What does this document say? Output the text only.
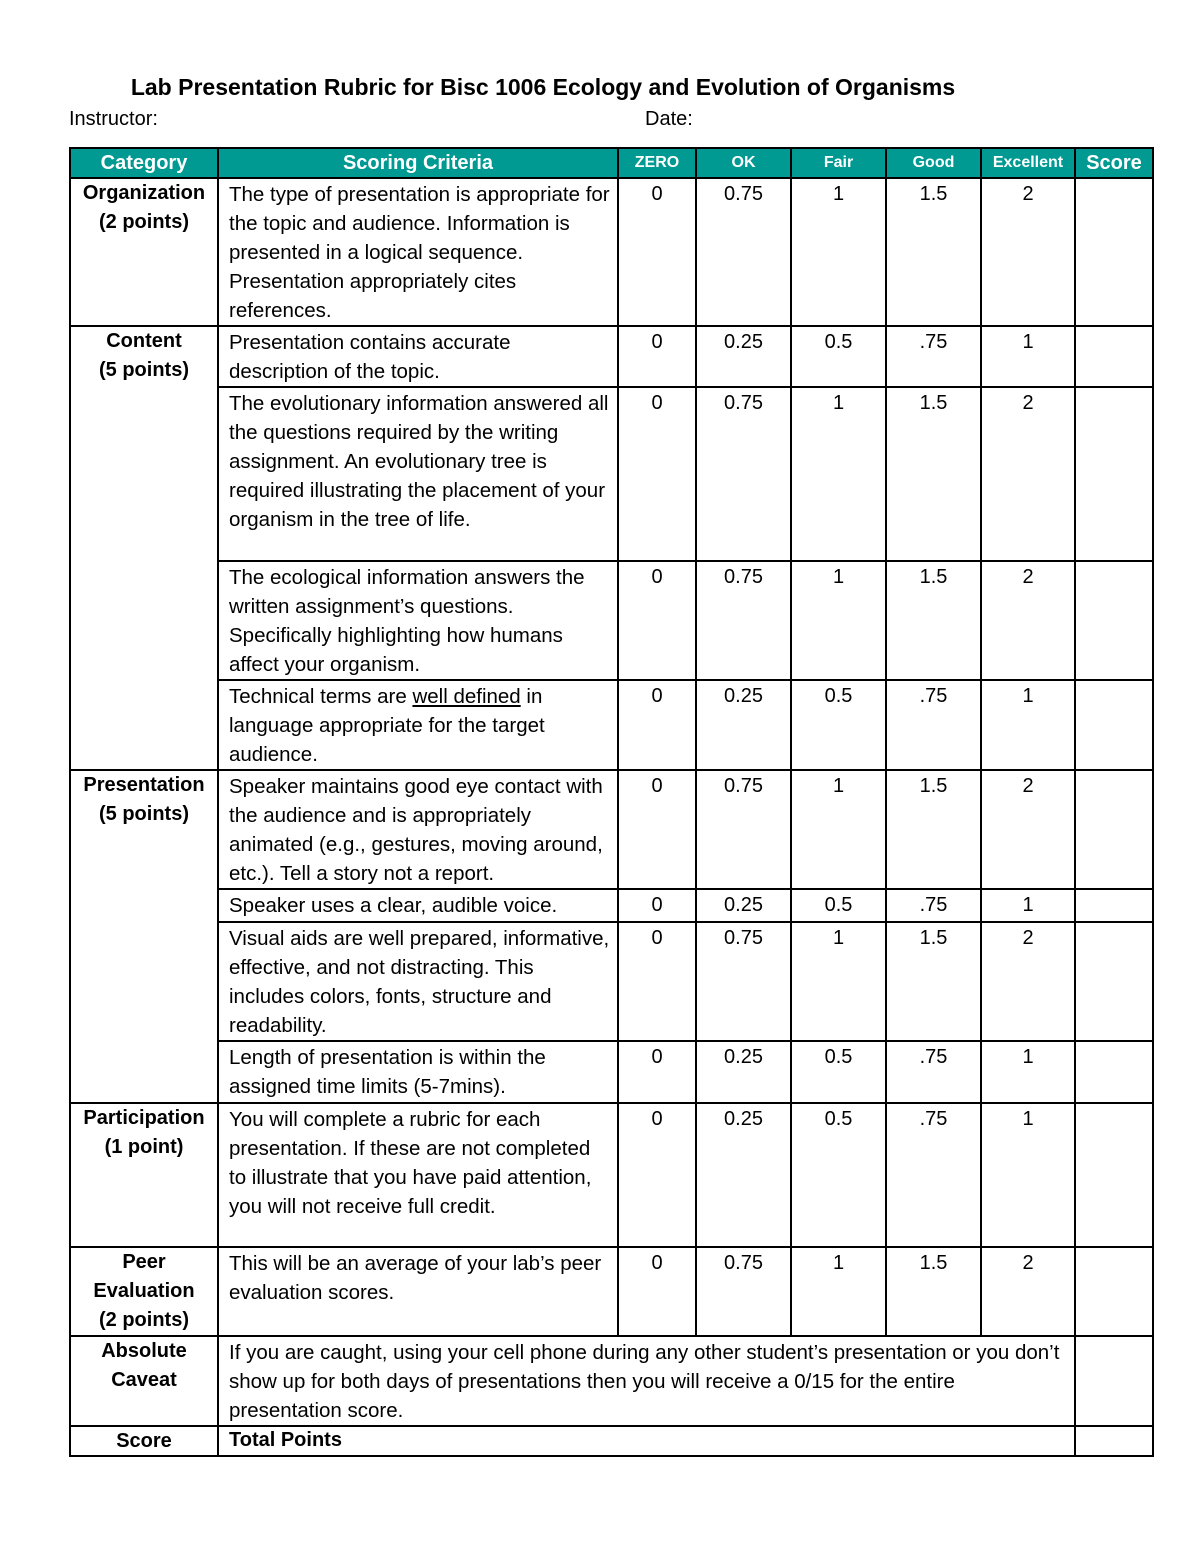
Lab Presentation Rubric for Bisc 1006 Ecology and Evolution of Organisms
Instructor:	Date:
Category	Scoring Criteria	ZERO	OK	Fair	Good	Excellent	Score

Organization
(2 points)	The type of presentation is appropriate for the topic and audience. Information is presented in a logical sequence. Presentation appropriately cites references.	0	0.75	1	1.5	2	

Content
(5 points)	Presentation contains accurate description of the topic.	0	0.25	0.5	.75	1	
	The evolutionary information answered all the questions required by the writing assignment. An evolutionary tree is required illustrating the placement of your organism in the tree of life.	0	0.75	1	1.5	2	
	The ecological information answers the written assignment’s questions. Specifically highlighting how humans affect your organism.	0	0.75	1	1.5	2	
	Technical terms are well defined in language appropriate for the target audience.	0	0.25	0.5	.75	1	

Presentation
(5 points)	Speaker maintains good eye contact with the audience and is appropriately animated (e.g., gestures, moving around, etc.). Tell a story not a report.	0	0.75	1	1.5	2	
	Speaker uses a clear, audible voice.	0	0.25	0.5	.75	1	
	Visual aids are well prepared, informative, effective, and not distracting. This includes colors, fonts, structure and readability.	0	0.75	1	1.5	2	
	Length of presentation is within the assigned time limits (5-7mins).	0	0.25	0.5	.75	1	

Participation
(1 point)	You will complete a rubric for each presentation. If these are not completed to illustrate that you have paid attention, you will not receive full credit.	0	0.25	0.5	.75	1	

Peer
Evaluation
(2 points)	This will be an average of your lab’s peer evaluation scores.	0	0.75	1	1.5	2	

Absolute
Caveat	If you are caught, using your cell phone during any other student’s presentation or you don’t show up for both days of presentations then you will receive a 0/15 for the entire presentation score.						
Score	Total Points						
